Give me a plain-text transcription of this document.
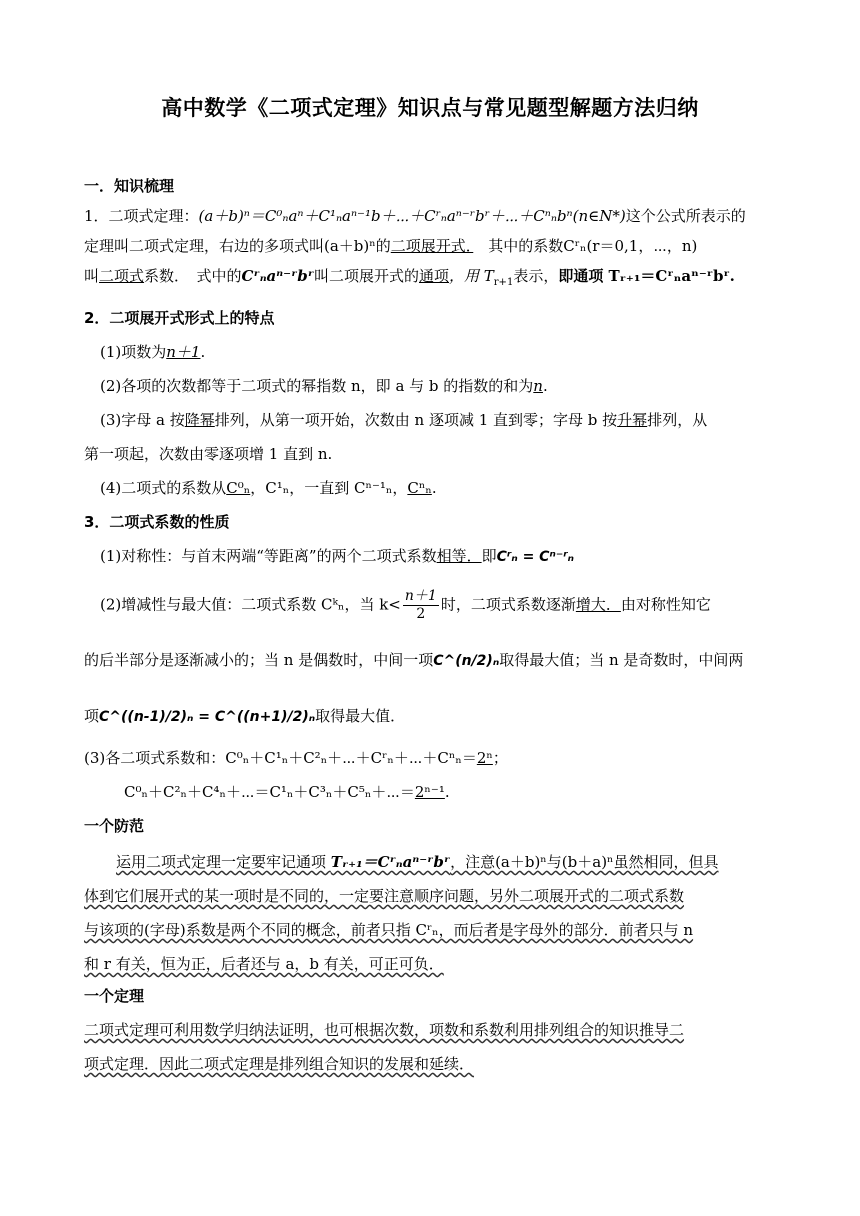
高中数学《二项式定理》知识点与常见题型解题方法归纳
一．知识梳理
1．二项式定理：(a＋b)ⁿ＝C⁰ₙaⁿ＋C¹ₙaⁿ⁻¹b＋⋯＋Cʳₙaⁿ⁻ʳbʳ＋⋯＋Cⁿₙbⁿ(n∈N*)这个公式所表示的
定理叫二项式定理，右边的多项式叫(a＋b)ⁿ的二项展开式．　其中的系数Cʳₙ(r＝0,1，⋯，n)
叫二项式系数．　式中的Cʳₙaⁿ⁻ʳbʳ叫二项展开式的通项，用 $T_{r+1}$表示，即通项 Tᵣ₊₁＝Cʳₙaⁿ⁻ʳbʳ.
2．二项展开式形式上的特点
(1)项数为n＋1.
(2)各项的次数都等于二项式的幂指数 n，即 a 与 b 的指数的和为n.
(3)字母 a 按降幂排列，从第一项开始，次数由 n 逐项减 1 直到零；字母 b 按升幂排列，从
第一项起，次数由零逐项增 1 直到 n.
(4)二项式的系数从C⁰ₙ，C¹ₙ，一直到 Cⁿ⁻¹ₙ，Cⁿₙ.
3．二项式系数的性质
(1)对称性：与首末两端“等距离”的两个二项式系数相等．即Cʳₙ = Cⁿ⁻ʳₙ
(2)增减性与最大值：二项式系数 Cᵏₙ，当 $k< \frac{n+1}{2}$ 时，二项式系数逐渐增大．由对称性知它
的后半部分是逐渐减小的；当 n 是偶数时，中间一项C^(n/2)ₙ取得最大值；当 n 是奇数时，中间两
项C^((n-1)/2)ₙ = C^((n+1)/2)ₙ取得最大值．
(3)各二项式系数和：C⁰ₙ＋C¹ₙ＋C²ₙ＋⋯＋Cʳₙ＋⋯＋Cⁿₙ＝2ⁿ；
C⁰ₙ＋C²ₙ＋C⁴ₙ＋⋯＝C¹ₙ＋C³ₙ＋C⁵ₙ＋⋯＝2ⁿ⁻¹.
一个防范
运用二项式定理一定要牢记通项 Tᵣ₊₁＝Cʳₙaⁿ⁻ʳbʳ，注意(a＋b)ⁿ与(b＋a)ⁿ虽然相同，但具
体到它们展开式的某一项时是不同的，一定要注意顺序问题，另外二项展开式的二项式系数
与该项的(字母)系数是两个不同的概念，前者只指 Cʳₙ，而后者是字母外的部分．前者只与 n
和 r 有关，恒为正，后者还与 a，b 有关，可正可负．
一个定理
二项式定理可利用数学归纳法证明，也可根据次数，项数和系数利用排列组合的知识推导二
项式定理．因此二项式定理是排列组合知识的发展和延续．
